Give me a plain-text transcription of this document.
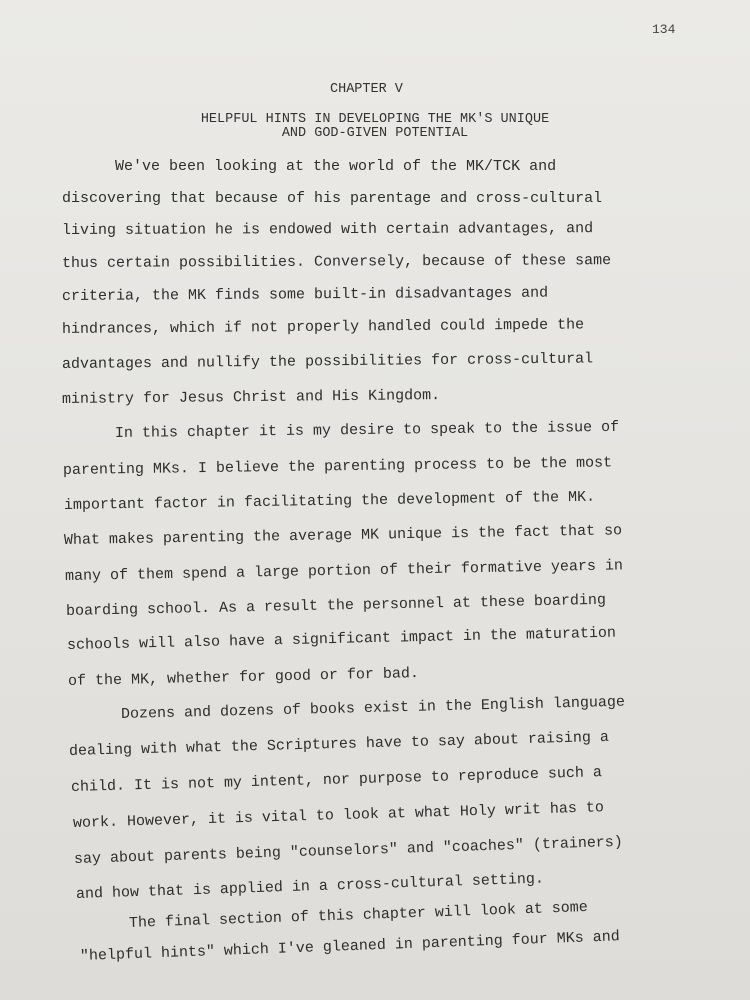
134
CHAPTER V
HELPFUL HINTS IN DEVELOPING THE MK'S UNIQUE
AND GOD-GIVEN POTENTIAL
We've been looking at the world of the MK/TCK and
discovering that because of his parentage and cross-cultural
living situation he is endowed with certain advantages, and
thus certain possibilities. Conversely, because of these same
criteria, the MK finds some built-in disadvantages and
hindrances, which if not properly handled could impede the
advantages and nullify the possibilities for cross-cultural
ministry for Jesus Christ and His Kingdom.
In this chapter it is my desire to speak to the issue of
parenting MKs. I believe the parenting process to be the most
important factor in facilitating the development of the MK.
What makes parenting the average MK unique is the fact that so
many of them spend a large portion of their formative years in
boarding school. As a result the personnel at these boarding
schools will also have a significant impact in the maturation
of the MK, whether for good or for bad.
Dozens and dozens of books exist in the English language
dealing with what the Scriptures have to say about raising a
child. It is not my intent, nor purpose to reproduce such a
work. However, it is vital to look at what Holy writ has to
say about parents being "counselors" and "coaches" (trainers)
and how that is applied in a cross-cultural setting.
The final section of this chapter will look at some
"helpful hints" which I've gleaned in parenting four MKs and
